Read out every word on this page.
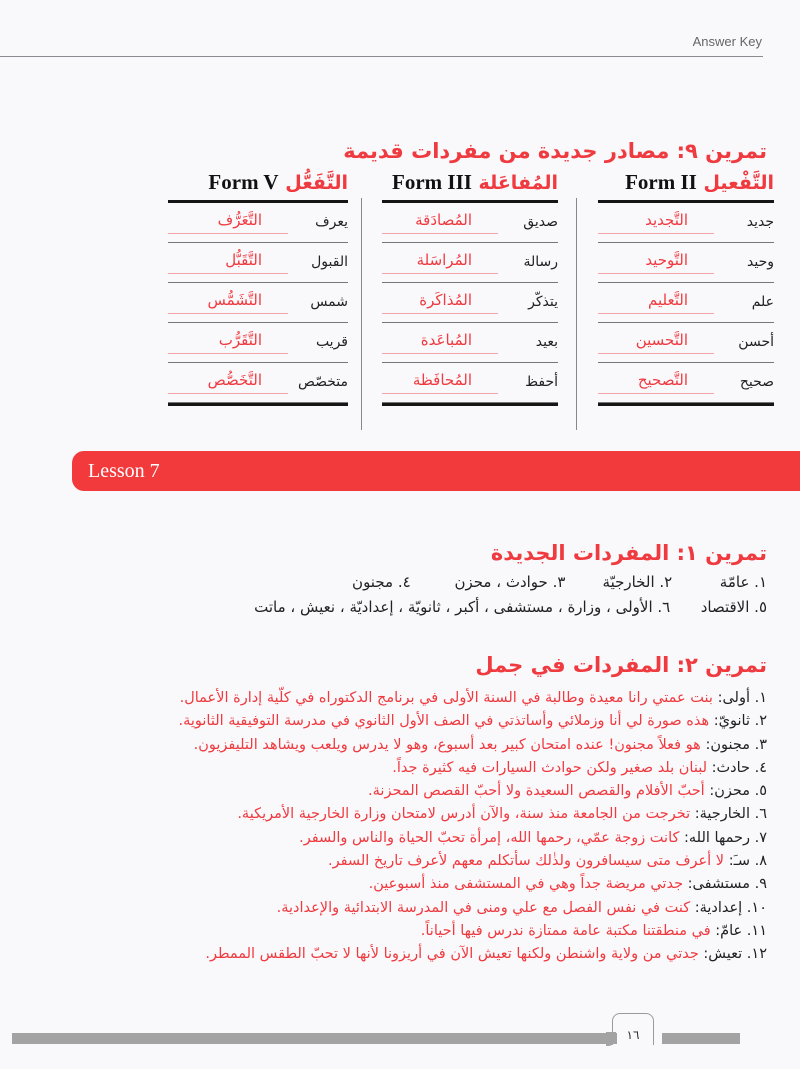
Answer Key
تمرين ٩: مصادر جديدة من مفردات قديمة
التَّفْعيل Form II
جديد
التَّجديد
وحيد
التَّوحيد
علم
التَّعليم
أحسن
التَّحسين
صحيح
التَّصحيح
المُفاعَلة Form III
صديق
المُصادَقة
رسالة
المُراسَلة
يتذكّر
المُذاكَرة
بعيد
المُباعَدة
أحفظ
المُحافَظة
التَّفَعُّل Form V
يعرف
التَّعَرُّف
القبول
التَّقَبُّل
شمس
التَّشَمُّس
قريب
التَّقَرُّب
متخصّص
التَّخَصُّص
Lesson 7
تمرين ١: المفردات الجديدة
١. عامّة ٢. الخارجيّة ٣. حوادث ، محزن ٤. مجنون
٥. الاقتصاد ٦. الأولى ، وزارة ، مستشفى ، أكبر ، ثانويّة ، إعداديّة ، نعيش ، ماتت
تمرين ٢: المفردات في جمل
١. أولى: بنت عمتي رانا معيدة وطالبة في السنة الأولى في برنامج الدكتوراه في كلّية إدارة الأعمال.
٢. ثانويّ: هذه صورة لي أنا وزملائي وأساتذتي في الصف الأول الثانوي في مدرسة التوفيقية الثانوية.
٣. مجنون: هو فعلاً مجنون! عنده امتحان كبير بعد أسبوع، وهو لا يدرس ويلعب ويشاهد التليفزيون.
٤. حادث: لبنان بلد صغير ولكن حوادث السيارات فيه كثيرة جداً.
٥. محزن: أحبّ الأفلام والقصص السعيدة ولا أحبّ القصص المحزنة.
٦. الخارجية: تخرجت من الجامعة منذ سنة، والآن أدرس لامتحان وزارة الخارجية الأمريكية.
٧. رحمها الله: كانت زوجة عمّي، رحمها الله، إمرأة تحبّ الحياة والناس والسفر.
٨. سـَ: لا أعرف متى سيسافرون ولذٰلك سأتكلم معهم لأعرف تاريخ السفر.
٩. مستشفى: جدتي مريضة جداً وهي في المستشفى منذ أسبوعين.
١٠. إعدادية: كنت في نفس الفصل مع علي ومنى في المدرسة الابتدائية والإعدادية.
١١. عامّ: في منطقتنا مكتبة عامة ممتازة ندرس فيها أحياناً.
١٢. تعيش: جدتي من ولاية واشنطن ولكنها تعيش الآن في أريزونا لأنها لا تحبّ الطقس الممطر.
١٦
